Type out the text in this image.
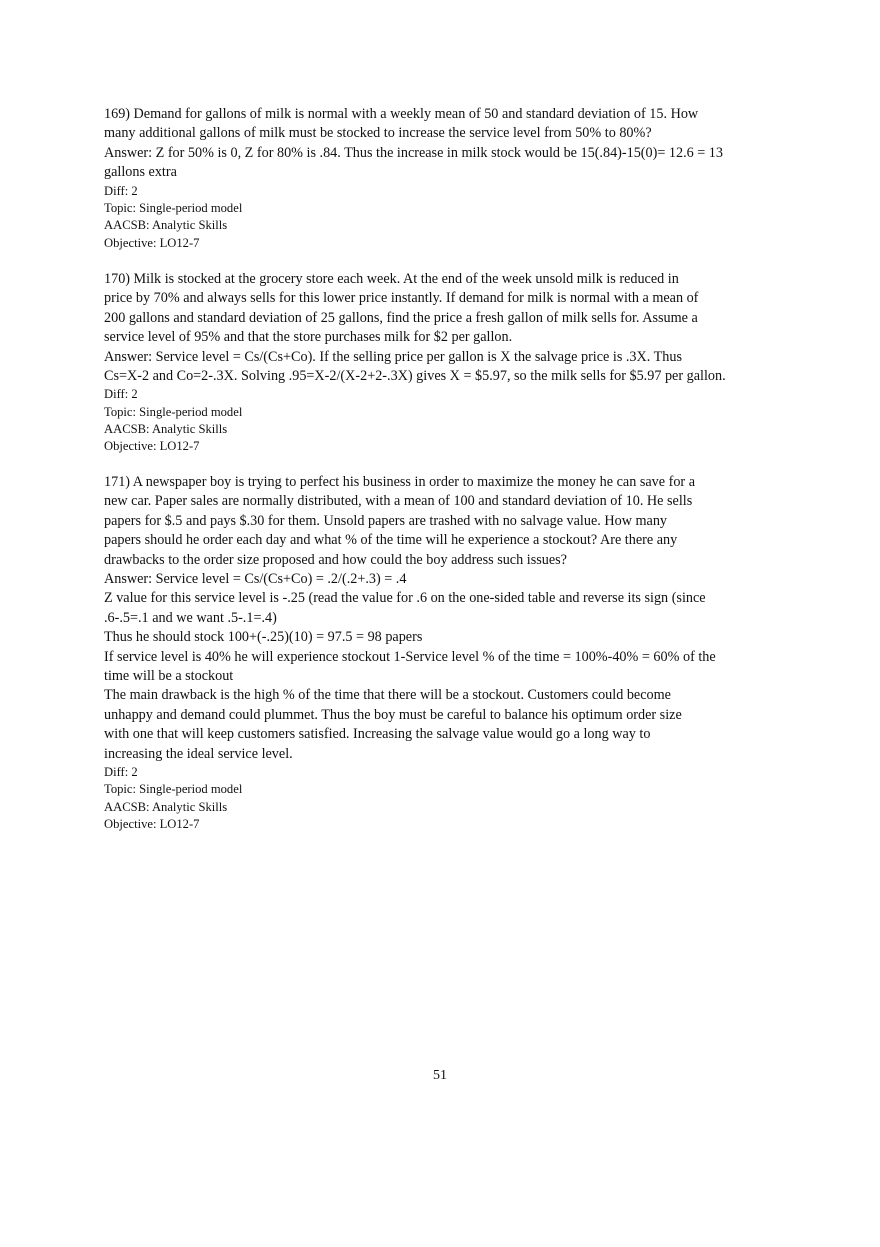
169) Demand for gallons of milk is normal with a weekly mean of 50 and standard deviation of 15. How
many additional gallons of milk must be stocked to increase the service level from 50% to 80%?
Answer: Z for 50% is 0, Z for 80% is .84. Thus the increase in milk stock would be 15(.84)-15(0)= 12.6 = 13
gallons extra
Diff: 2
Topic: Single-period model
AACSB: Analytic Skills
Objective: LO12-7
170) Milk is stocked at the grocery store each week. At the end of the week unsold milk is reduced in
price by 70% and always sells for this lower price instantly. If demand for milk is normal with a mean of
200 gallons and standard deviation of 25 gallons, find the price a fresh gallon of milk sells for. Assume a
service level of 95% and that the store purchases milk for $2 per gallon.
Answer: Service level = Cs/(Cs+Co). If the selling price per gallon is X the salvage price is .3X. Thus
Cs=X-2 and Co=2-.3X. Solving .95=X-2/(X-2+2-.3X) gives X = $5.97, so the milk sells for $5.97 per gallon.
Diff: 2
Topic: Single-period model
AACSB: Analytic Skills
Objective: LO12-7
171) A newspaper boy is trying to perfect his business in order to maximize the money he can save for a
new car. Paper sales are normally distributed, with a mean of 100 and standard deviation of 10. He sells
papers for $.5 and pays $.30 for them. Unsold papers are trashed with no salvage value. How many
papers should he order each day and what % of the time will he experience a stockout? Are there any
drawbacks to the order size proposed and how could the boy address such issues?
Answer: Service level = Cs/(Cs+Co) = .2/(.2+.3) = .4
Z value for this service level is -.25 (read the value for .6 on the one-sided table and reverse its sign (since
.6-.5=.1 and we want .5-.1=.4)
Thus he should stock 100+(-.25)(10) = 97.5 = 98 papers
If service level is 40% he will experience stockout 1-Service level % of the time = 100%-40% = 60% of the
time will be a stockout
The main drawback is the high % of the time that there will be a stockout. Customers could become
unhappy and demand could plummet. Thus the boy must be careful to balance his optimum order size
with one that will keep customers satisfied. Increasing the salvage value would go a long way to
increasing the ideal service level.
Diff: 2
Topic: Single-period model
AACSB: Analytic Skills
Objective: LO12-7
51
